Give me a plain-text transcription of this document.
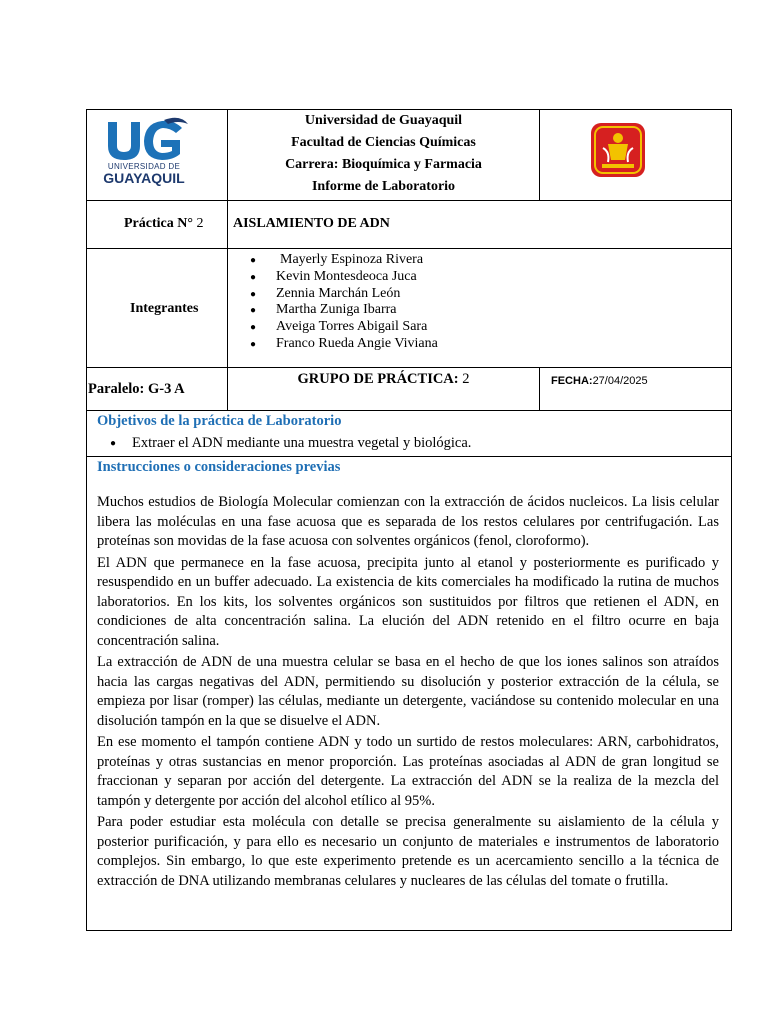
UNIVERSIDAD DE
GUAYAQUIL
Universidad de Guayaquil
Facultad de Ciencias Químicas
Carrera: Bioquímica y Farmacia
Informe de Laboratorio
Práctica N° 2	AISLAMIENTO DE ADN
Integrantes
● Mayerly Espinoza Rivera
● Kevin Montesdeoca Juca
● Zennia Marchán León
● Martha Zuniga Ibarra
● Aveiga Torres Abigail Sara
● Franco Rueda Angie Viviana
Paralelo: G-3 A
GRUPO DE PRÁCTICA: 2	FECHA:27/04/2025
Objetivos de la práctica de Laboratorio
● Extraer el ADN mediante una muestra vegetal y biológica.
Instrucciones o consideraciones previas

Muchos estudios de Biología Molecular comienzan con la extracción de ácidos nucleicos. La lisis celular libera las moléculas en una fase acuosa que es separada de los restos celulares por centrifugación. Las proteínas son movidas de la fase acuosa con solventes orgánicos (fenol, cloroformo).

El ADN que permanece en la fase acuosa, precipita junto al etanol y posteriormente es purificado y resuspendido en un buffer adecuado. La existencia de kits comerciales ha modificado la rutina de muchos laboratorios. En los kits, los solventes orgánicos son sustituidos por filtros que retienen el ADN, en condiciones de alta concentración salina. La elución del ADN retenido en el filtro ocurre en baja concentración salina.

La extracción de ADN de una muestra celular se basa en el hecho de que los iones salinos son atraídos hacia las cargas negativas del ADN, permitiendo su disolución y posterior extracción de la célula, se empieza por lisar (romper) las células, mediante un detergente, vaciándose su contenido molecular en una disolución tampón en la que se disuelve el ADN.

En ese momento el tampón contiene ADN y todo un surtido de restos moleculares: ARN, carbohidratos, proteínas y otras sustancias en menor proporción. Las proteínas asociadas al ADN de gran longitud se fraccionan y separan por acción del detergente. La extracción del ADN se la realiza de la mezcla del tampón y detergente por acción del alcohol etílico al 95%.

Para poder estudiar esta molécula con detalle se precisa generalmente su aislamiento de la célula y posterior purificación, y para ello es necesario un conjunto de materiales e instrumentos de laboratorio complejos. Sin embargo, lo que este experimento pretende es un acercamiento sencillo a la técnica de extracción de DNA utilizando membranas celulares y nucleares de las células del tomate o frutilla.
